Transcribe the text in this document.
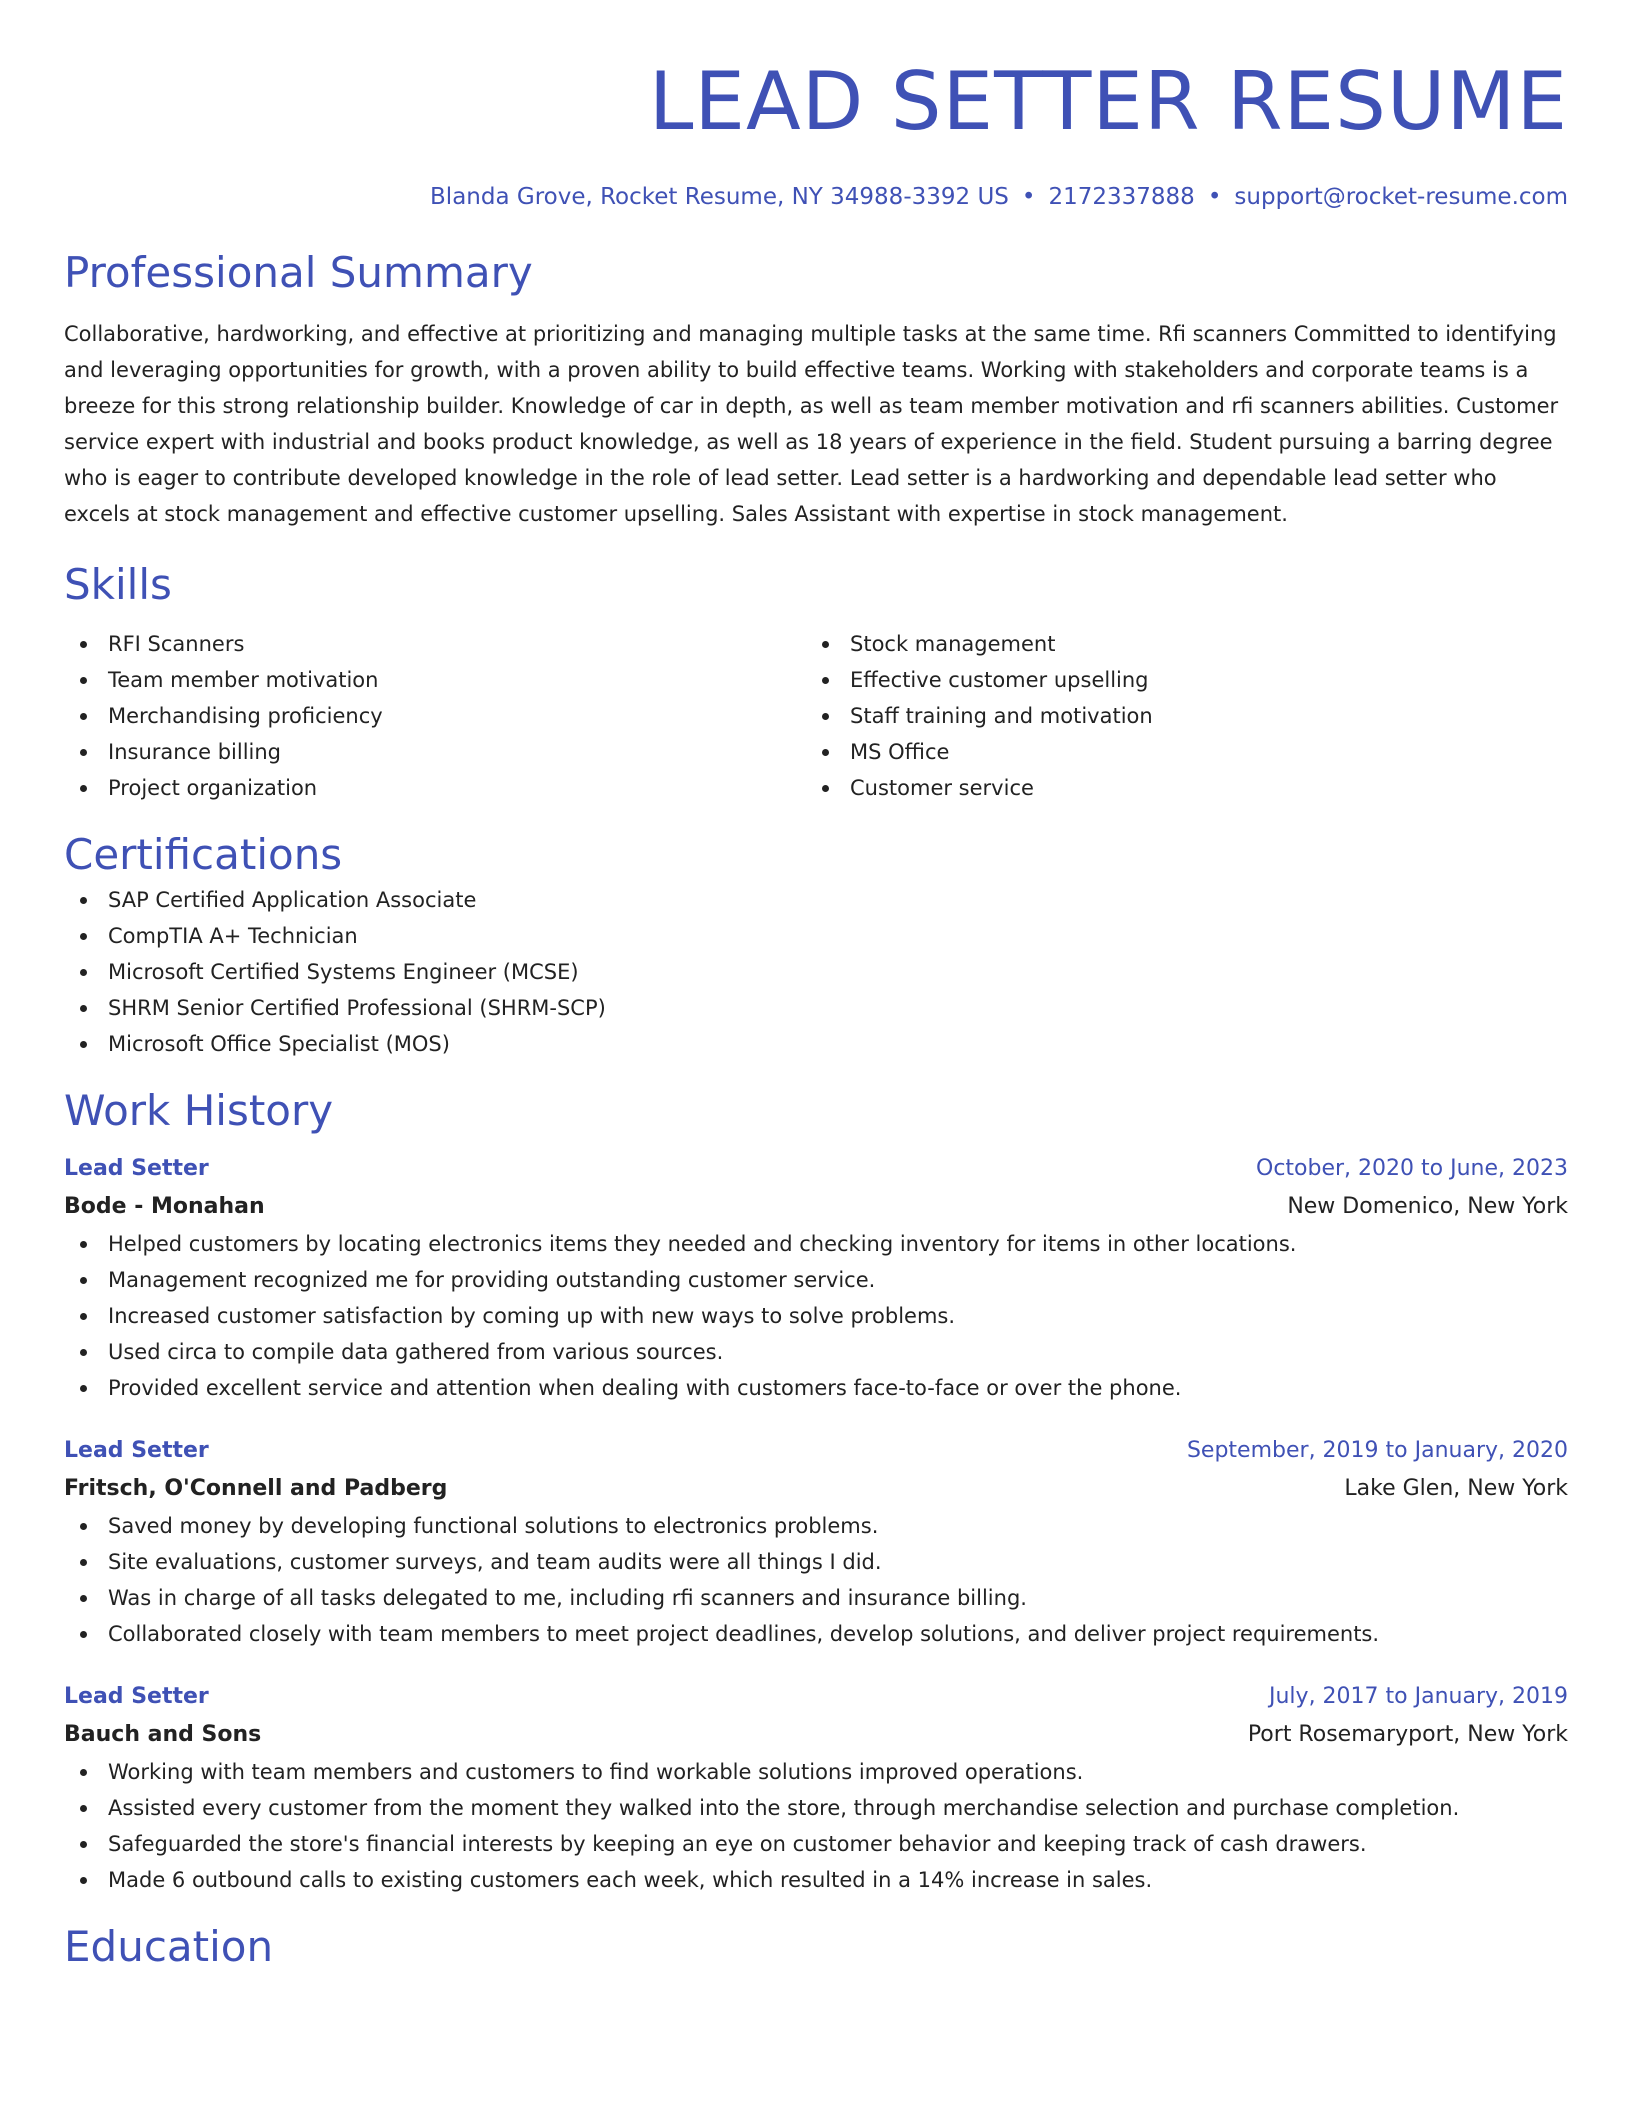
LEAD SETTER RESUME
Blanda Grove, Rocket Resume, NY 34988-3392 US • 2172337888 • support@rocket-resume.com
Professional Summary

Collaborative, hardworking, and effective at prioritizing and managing multiple tasks at the same time. Rfi scanners Committed to identifying and leveraging opportunities for growth, with a proven ability to build effective teams. Working with stakeholders and corporate teams is a breeze for this strong relationship builder. Knowledge of car in depth, as well as team member motivation and rfi scanners abilities. Customer service expert with industrial and books product knowledge, as well as 18 years of experience in the field. Student pursuing a barring degree who is eager to contribute developed knowledge in the role of lead setter. Lead setter is a hardworking and dependable lead setter who excels at stock management and effective customer upselling. Sales Assistant with expertise in stock management.

Skills
RFI Scanners
Team member motivation
Merchandising proficiency
Insurance billing
Project organization
Stock management
Effective customer upselling
Staff training and motivation
MS Office
Customer service
Certifications
SAP Certified Application Associate
CompTIA A+ Technician
Microsoft Certified Systems Engineer (MCSE)
SHRM Senior Certified Professional (SHRM-SCP)
Microsoft Office Specialist (MOS)
Work History
Lead Setter	October, 2020 to June, 2023
Bode - Monahan	New Domenico, New York
Helped customers by locating electronics items they needed and checking inventory for items in other locations.
Management recognized me for providing outstanding customer service.
Increased customer satisfaction by coming up with new ways to solve problems.
Used circa to compile data gathered from various sources.
Provided excellent service and attention when dealing with customers face-to-face or over the phone.
Lead Setter	September, 2019 to January, 2020
Fritsch, O'Connell and Padberg	Lake Glen, New York
Saved money by developing functional solutions to electronics problems.
Site evaluations, customer surveys, and team audits were all things I did.
Was in charge of all tasks delegated to me, including rfi scanners and insurance billing.
Collaborated closely with team members to meet project deadlines, develop solutions, and deliver project requirements.
Lead Setter	July, 2017 to January, 2019
Bauch and Sons	Port Rosemaryport, New York
Working with team members and customers to find workable solutions improved operations.
Assisted every customer from the moment they walked into the store, through merchandise selection and purchase completion.
Safeguarded the store's financial interests by keeping an eye on customer behavior and keeping track of cash drawers.
Made 6 outbound calls to existing customers each week, which resulted in a 14% increase in sales.
Education
